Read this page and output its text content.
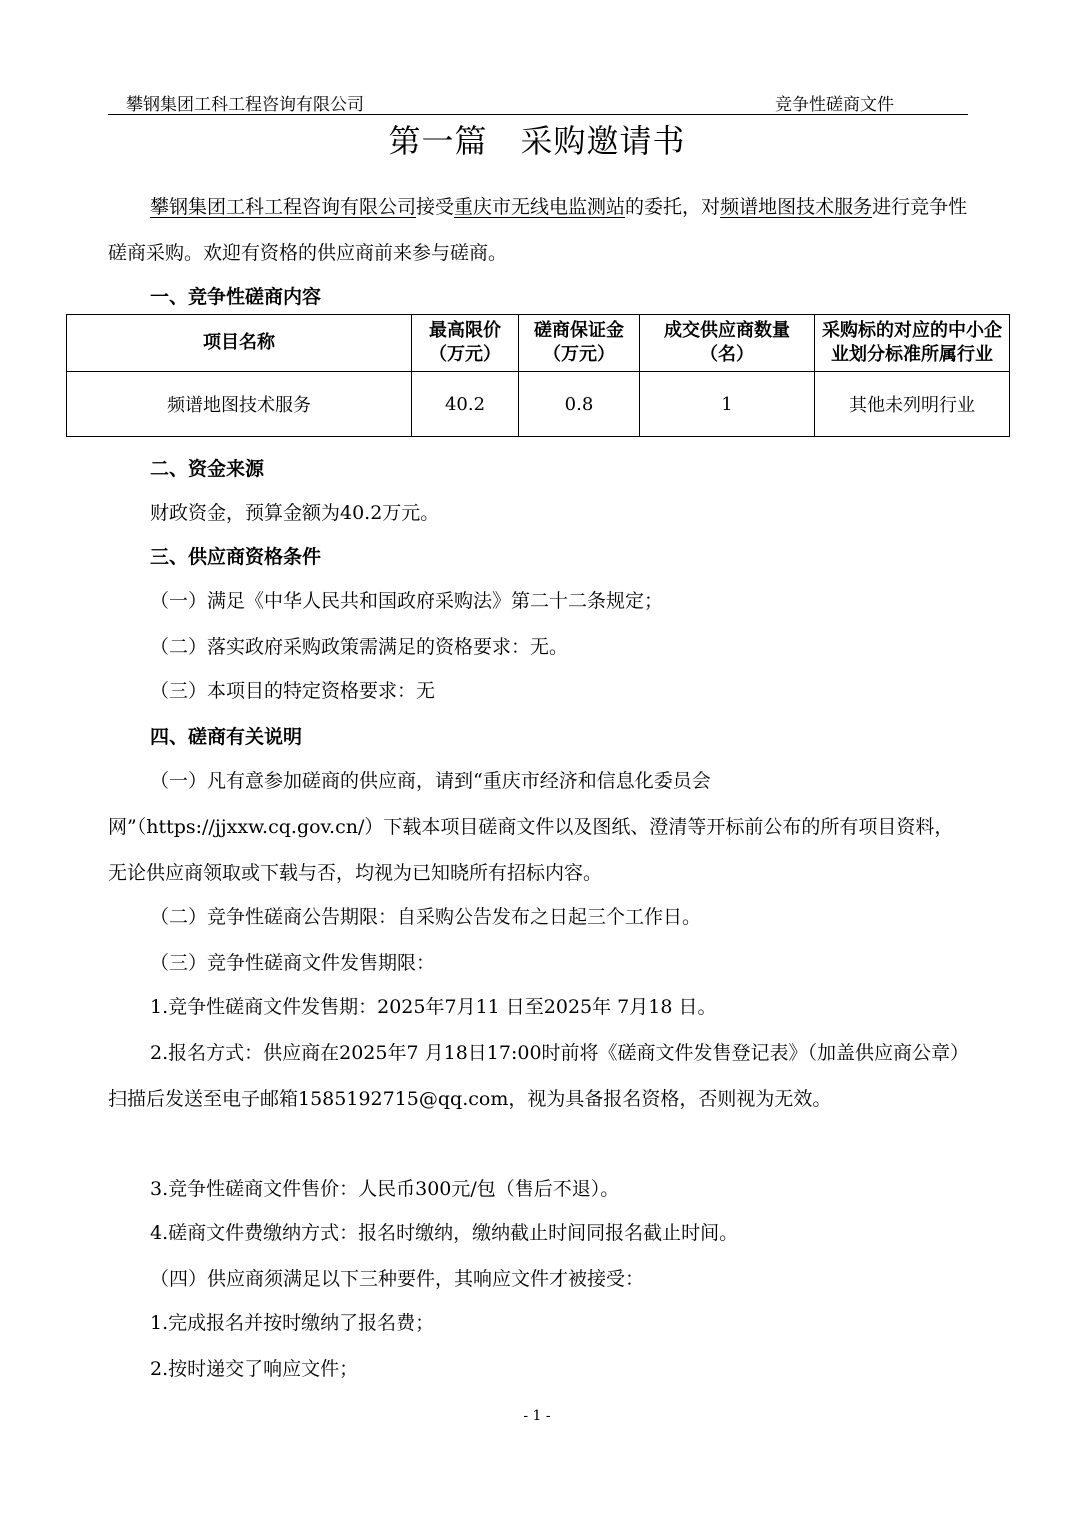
攀钢集团工科工程咨询有限公司	竞争性磋商文件
第一篇　采购邀请书

攀钢集团工科工程咨询有限公司接受重庆市无线电监测站的委托，对频谱地图技术服务进行竞争性磋商采购。欢迎有资格的供应商前来参与磋商。

一、竞争性磋商内容

项目名称	最高限价（万元）	磋商保证金（万元）	成交供应商数量（名）	采购标的对应的中小企业划分标准所属行业
频谱地图技术服务	40.2	0.8	1	其他未列明行业

二、资金来源

财政资金，预算金额为40.2万元。

三、供应商资格条件

（一）满足《中华人民共和国政府采购法》第二十二条规定；

（二）落实政府采购政策需满足的资格要求：无。

（三）本项目的特定资格要求：无

四、磋商有关说明

（一）凡有意参加磋商的供应商，请到“重庆市经济和信息化委员会网”（https://jjxxw.cq.gov.cn/）下载本项目磋商文件以及图纸、澄清等开标前公布的所有项目资料，无论供应商领取或下载与否，均视为已知晓所有招标内容。

（二）竞争性磋商公告期限：自采购公告发布之日起三个工作日。

（三）竞争性磋商文件发售期限：

1.竞争性磋商文件发售期：2025年7月11 日至2025年 7月18 日。

2.报名方式：供应商在2025年7 月18日17:00时前将《磋商文件发售登记表》（加盖供应商公章）扫描后发送至电子邮箱1585192715@qq.com，视为具备报名资格，否则视为无效。

3.竞争性磋商文件售价：人民币300元/包（售后不退）。

4.磋商文件费缴纳方式：报名时缴纳，缴纳截止时间同报名截止时间。

（四）供应商须满足以下三种要件，其响应文件才被接受：

1.完成报名并按时缴纳了报名费；

2.按时递交了响应文件；

- 1 -
